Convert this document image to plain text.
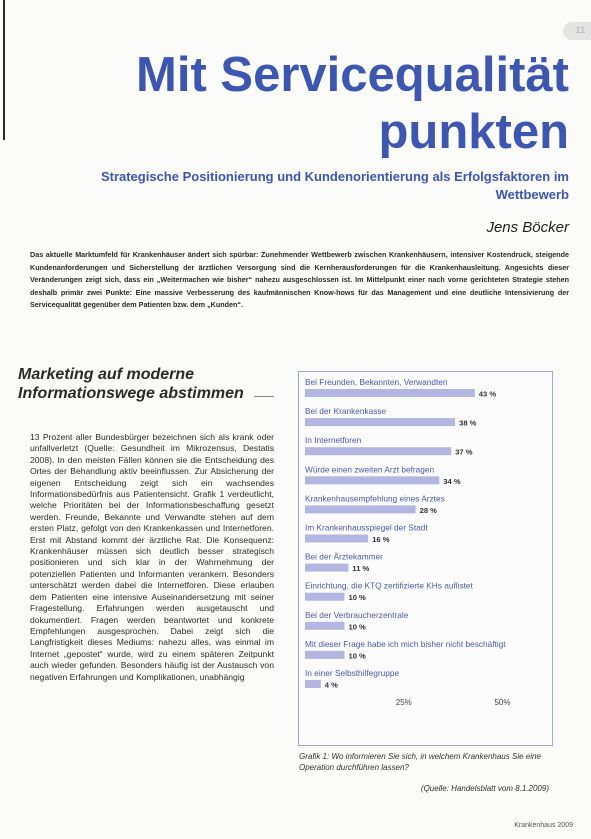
11
Mit Servicequalität
punkten
Strategische Positionierung und Kundenorientierung als Erfolgsfaktoren im Wettbewerb
Jens Böcker
Das aktuelle Marktumfeld für Krankenhäuser ändert sich spürbar: Zunehmender Wettbewerb zwischen Krankenhäusern, intensiver Kostendruck, steigende Kundenanforderungen und Sicherstellung der ärztlichen Versorgung sind die Kernherausforderungen für die Krankenhausleitung. Angesichts dieser Veränderungen zeigt sich, dass ein „Weitermachen wie bisher“ nahezu ausgeschlossen ist. Im Mittelpunkt einer nach vorne gerichteten Strategie stehen deshalb primär zwei Punkte: Eine massive Verbesserung des kaufmännischen Know-hows für das Management und eine deutliche Intensivierung der Servicequalität gegenüber dem Patienten bzw. dem „Kunden“.
Marketing auf moderne Informationswege abstimmen
13 Prozent aller Bundesbürger bezeichnen sich als krank oder unfallverletzt (Quelle: Gesundheit im Mikrozensus, Destatis 2008). In den meisten Fällen können sie die Entscheidung des Ortes der Behandlung aktiv beeinflussen. Zur Absicherung der eigenen Entscheidung zeigt sich ein wachsendes Informationsbedürfnis aus Patientensicht. Grafik 1 verdeutlicht, welche Prioritäten bei der Informationsbeschaffung gesetzt werden. Freunde, Bekannte und Verwandte stehen auf dem ersten Platz, gefolgt von den Krankenkassen und Internetforen. Erst mit Abstand kommt der ärztliche Rat. Die Konsequenz: Krankenhäuser müssen sich deutlich besser strategisch positionieren und sich klar in der Wahrnehmung der potenziellen Patienten und Informanten verankern. Besonders unterschätzt werden dabei die Internetforen. Diese erlauben dem Patienten eine intensive Auseinandersetzung mit seiner Fragestellung. Erfahrungen werden ausgetauscht und dokumentiert. Fragen werden beantwortet und konkrete Empfehlungen ausgesprochen. Dabei zeigt sich die Langfristigkeit dieses Mediums: nahezu alles, was einmal im Internet „gepostet“ wurde, wird zu einem späteren Zeitpunkt auch wieder gefunden. Besonders häufig ist der Austausch von negativen Erfahrungen und Komplikationen, unabhängig
Bei Freunden, Bekannten, Verwandten
43 %
Bei der Krankenkasse
38 %
In Internetforen
37 %
Würde einen zweiten Arzt befragen
34 %
Krankenhausempfehlung eines Arztes
28 %
Im Krankenhausspiegel der Stadt
16 %
Bei der Ärztekammer
11 %
Einrichtung, die KTQ zertifizierte KHs auflistet
10 %
Bei der Verbraucherzentrale
10 %
Mit dieser Frage habe ich mich bisher nicht beschäftigt
10 %
In einer Selbsthilfegruppe
4 %
25%	50%
Grafik 1: Wo informieren Sie sich, in welchem Krankenhaus Sie eine Operation durchführen lassen?
(Quelle: Handelsblatt vom 8.1.2009)
Krankenhaus 2009
